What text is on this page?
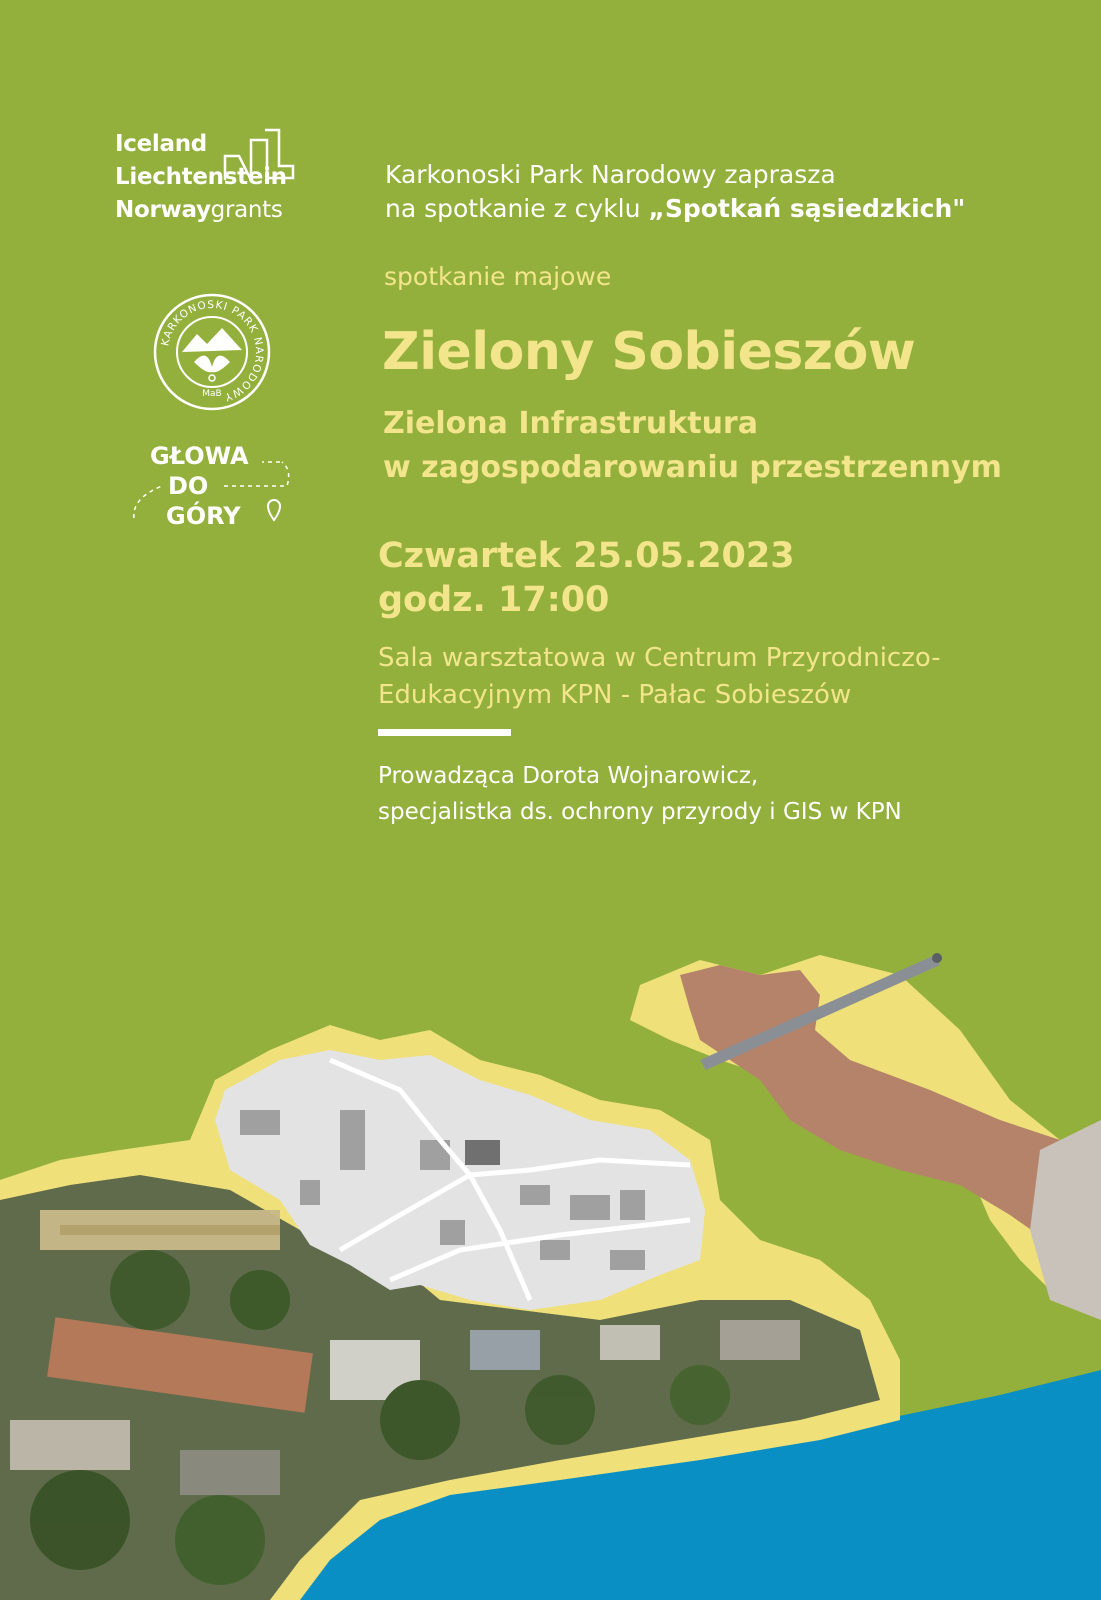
Iceland
Liechtenstein
Norwaygrants
KARKONOSKI PARK NARODOWY
MaB
GŁOWA
DO
GÓRY
Karkonoski Park Narodowy zaprasza
na spotkanie z cyklu „Spotkań sąsiedzkich"
spotkanie majowe
Zielony Sobieszów
Zielona Infrastruktura
w zagospodarowaniu przestrzennym
Czwartek 25.05.2023
godz. 17:00
Sala warsztatowa w Centrum Przyrodniczo-
Edukacyjnym KPN - Pałac Sobieszów
Prowadząca Dorota Wojnarowicz,
specjalistka ds. ochrony przyrody i GIS w KPN
